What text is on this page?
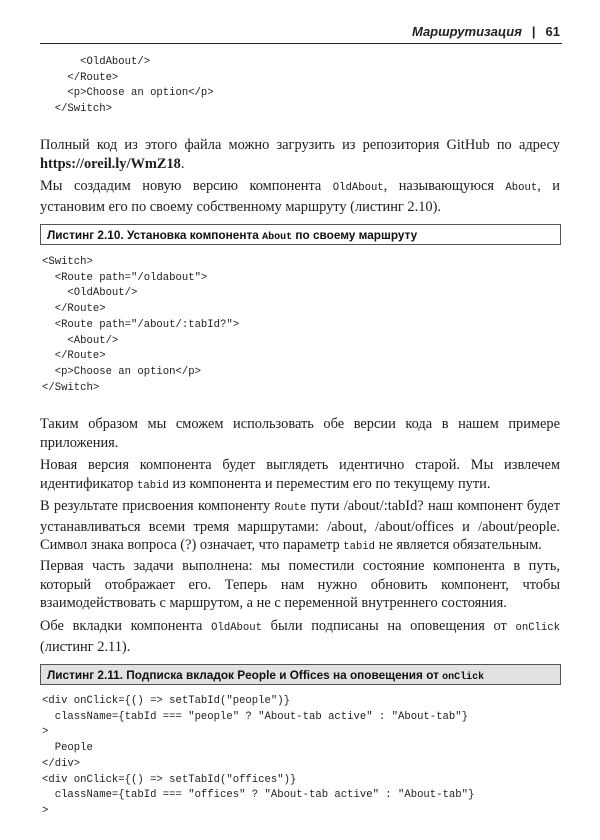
Маршрутизация | 61
<OldAbout/>
</Route>
<p>Choose an option</p>
</Switch>

Полный код из этого файла можно загрузить из репозитория GitHub по адресу https://oreil.ly/WmZ18.

Мы создадим новую версию компонента OldAbout, называющуюся About, и установим его по своему собственному маршруту (листинг 2.10).

Листинг 2.10. Установка компонента About по своему маршруту
<Switch>
<Route path="/oldabout">
<OldAbout/>
</Route>
<Route path="/about/:tabId?">
<About/>
</Route>
<p>Choose an option</p>
</Switch>

Таким образом мы сможем использовать обе версии кода в нашем примере приложения.

Новая версия компонента будет выглядеть идентично старой. Мы извлечем идентификатор tabid из компонента и переместим его по текущему пути.

В результате присвоения компоненту Route пути /about/:tabId? наш компонент будет устанавливаться всеми тремя маршрутами: /about, /about/offices и /about/people. Символ знака вопроса (?) означает, что параметр tabid не является обязательным.

Первая часть задачи выполнена: мы поместили состояние компонента в путь, который отображает его. Теперь нам нужно обновить компонент, чтобы взаимодействовать с маршрутом, а не с переменной внутреннего состояния.

Обе вкладки компонента OldAbout были подписаны на оповещения от onClick (листинг 2.11).

Листинг 2.11. Подписка вкладок People и Offices на оповещения от onClick
<div onClick={() => setTabId("people")}
className={tabId === "people" ? "About-tab active" : "About-tab"}
>
People
</div>
<div onClick={() => setTabId("offices")}
className={tabId === "offices" ? "About-tab active" : "About-tab"}
>
